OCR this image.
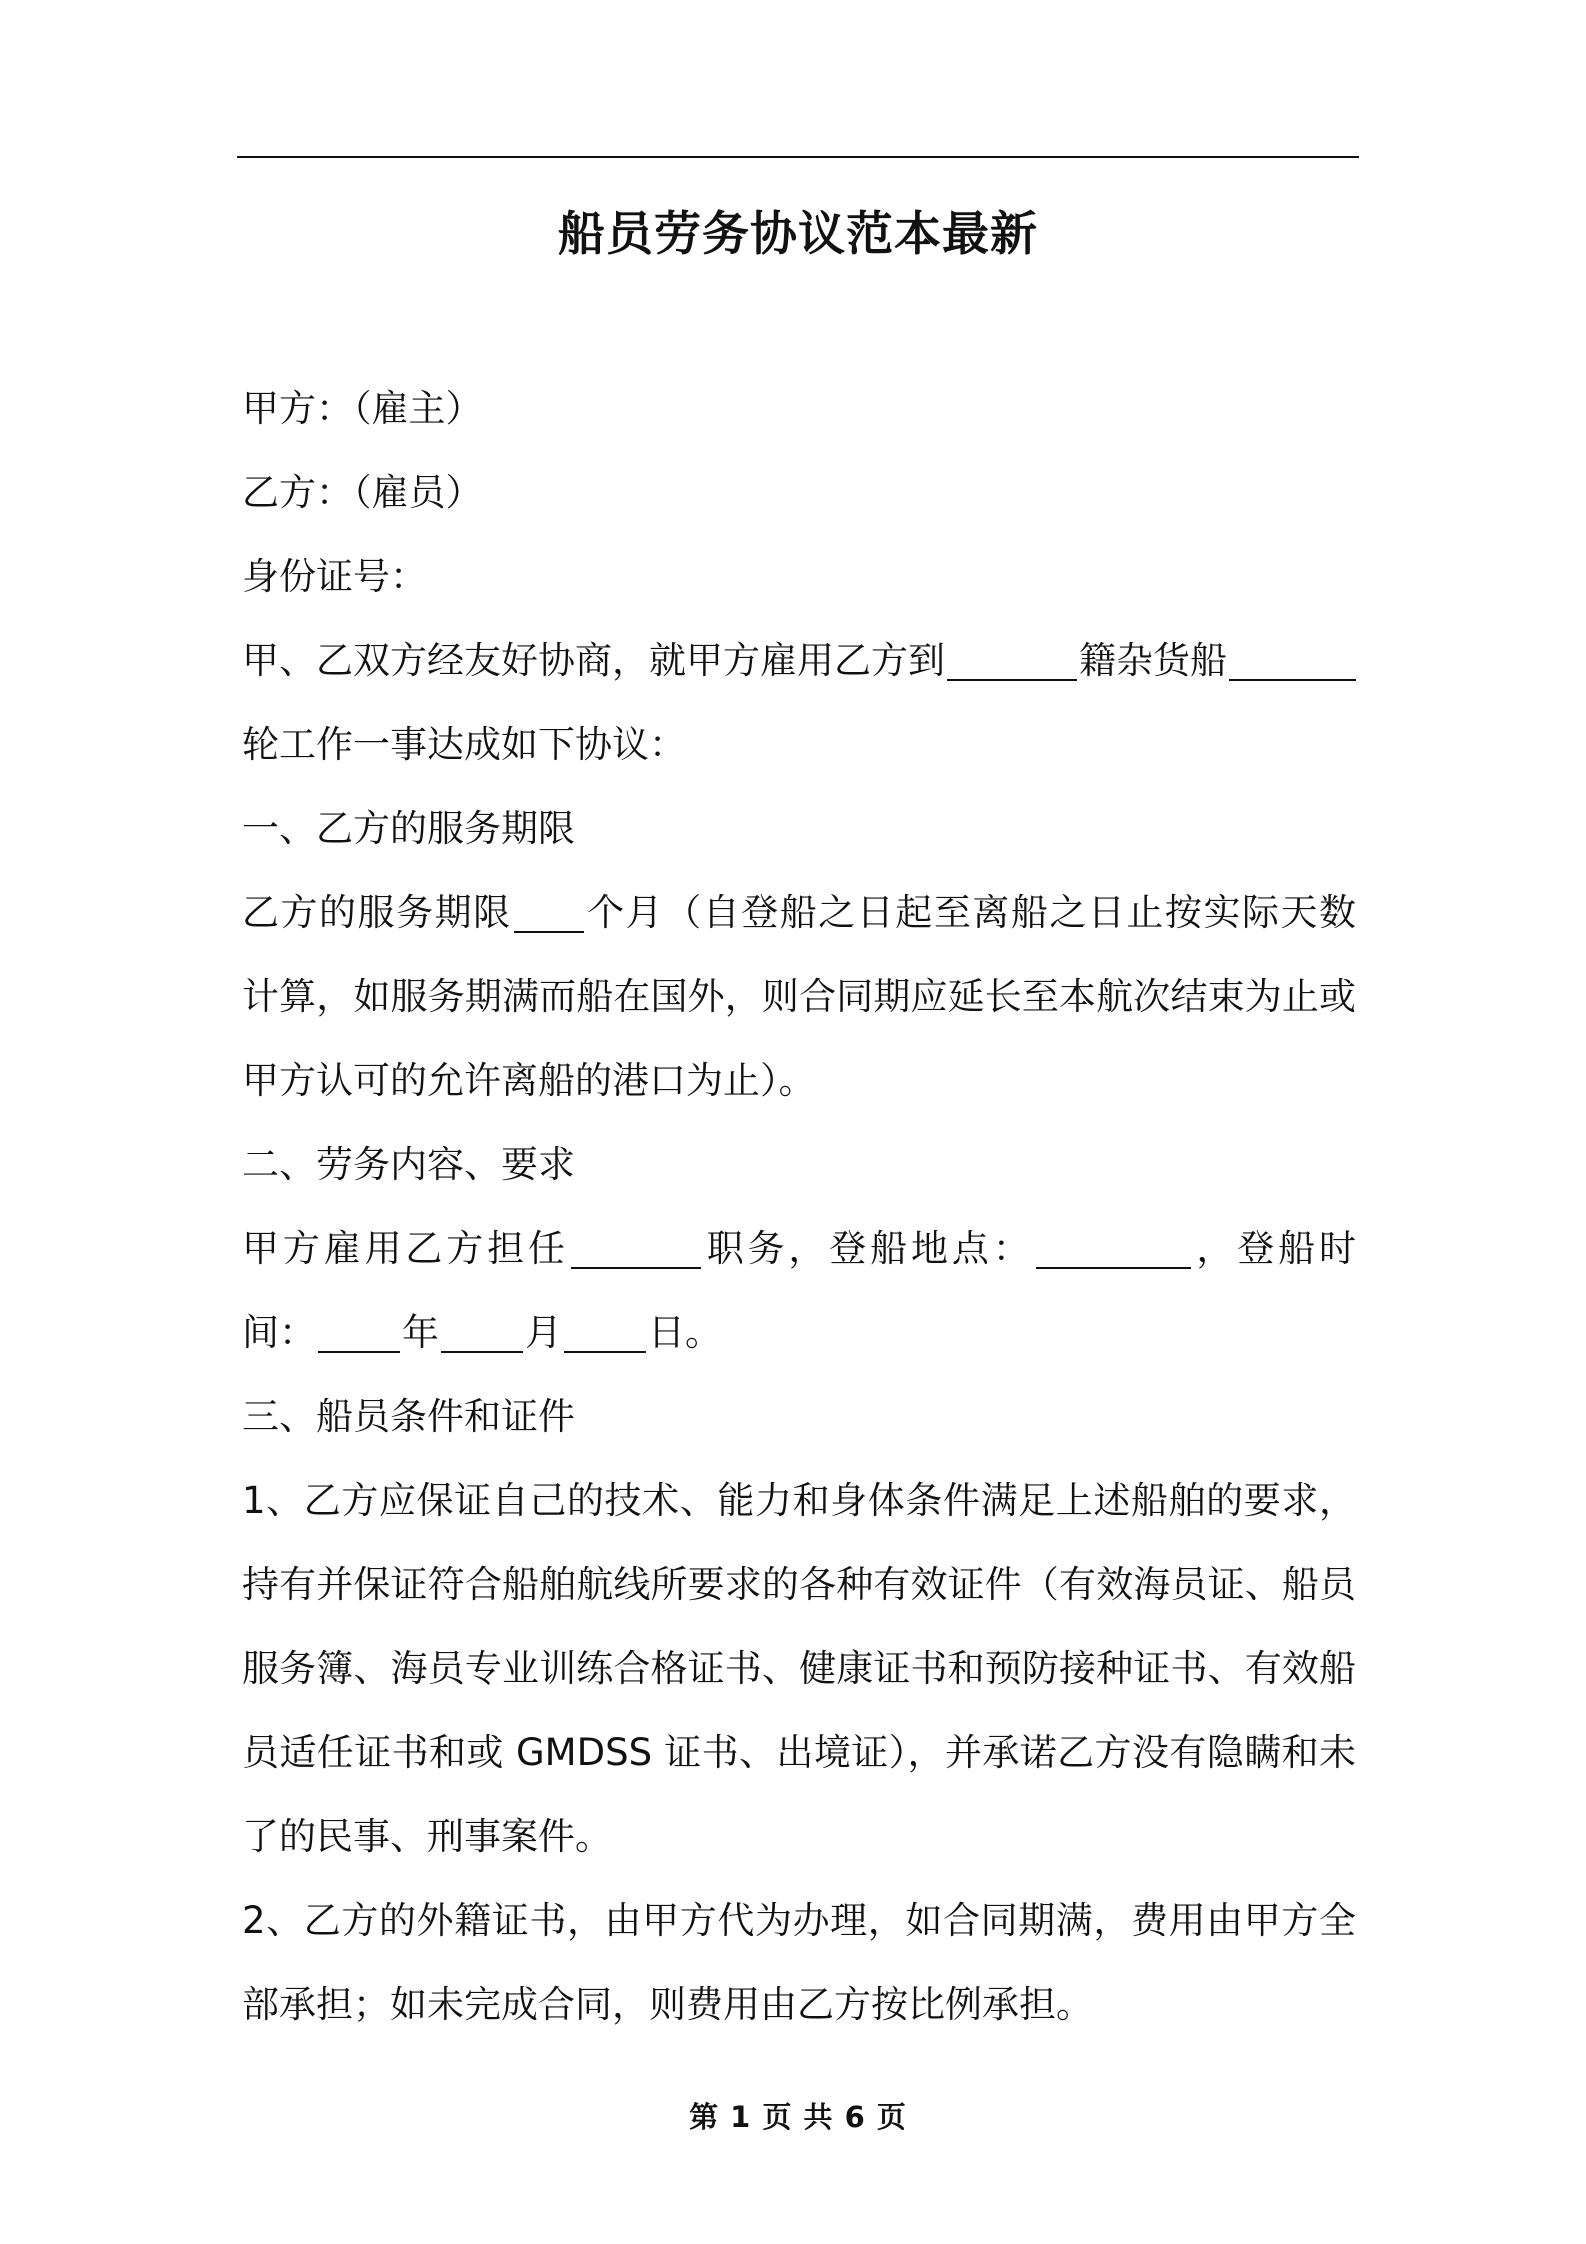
船员劳务协议范本最新
甲方：（雇主）
乙方：（雇员）
身份证号：
甲、乙双方经友好协商，就甲方雇用乙方到	籍杂货船
轮工作一事达成如下协议：
一、乙方的服务期限
乙方的服务期限 个月（自登船之日起至离船之日止按实际天数
计算，如服务期满而船在国外，则合同期应延长至本航次结束为止或
甲方认可的允许离船的港口为止）。
二、劳务内容、要求
甲方雇用乙方担任	职务，登船地点：	，登船时
间： 年 月 日。
三、船员条件和证件
1、乙方应保证自己的技术、能力和身体条件满足上述船舶的要求，
持有并保证符合船舶航线所要求的各种有效证件（有效海员证、船员
服务簿、海员专业训练合格证书、健康证书和预防接种证书、有效船
员适任证书和或 GMDSS 证书、出境证），并承诺乙方没有隐瞒和未
了的民事、刑事案件。
2、乙方的外籍证书，由甲方代为办理，如合同期满，费用由甲方全
部承担；如未完成合同，则费用由乙方按比例承担。
第 1 页 共 6 页
